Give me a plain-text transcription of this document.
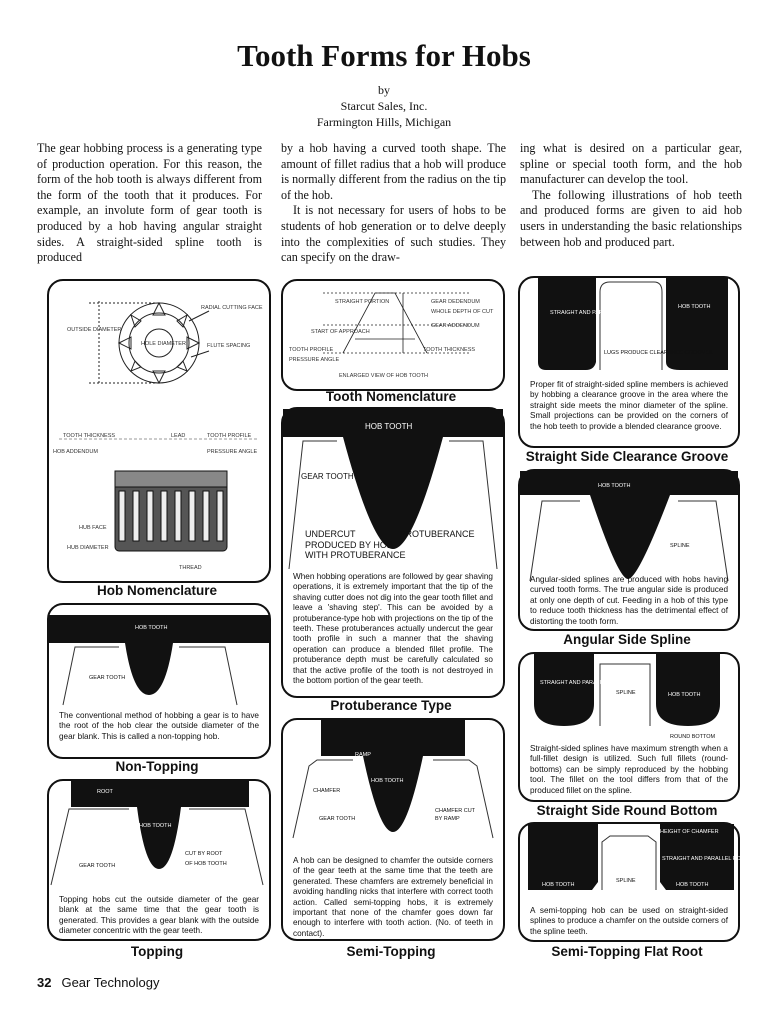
Tooth Forms for Hobs
by
Starcut Sales, Inc.
Farmington Hills, Michigan

The gear hobbing process is a generating type of production operation. For this reason, the form of the hob tooth is always different from the form of the tooth that it produces. For example, an involute form of gear tooth is produced by a hob having angular straight sides. A straight-sided spline tooth is produced

by a hob having a curved tooth shape. The amount of fillet radius that a hob will produce is normally different from the radius on the tip of the hob.

It is not necessary for users of hobs to be students of hob generation or to delve deeply into the complexities of such studies. They can specify on the draw-

ing what is desired on a particular gear, spline or special tooth form, and the hob manufacturer can develop the tool.

The following illustrations of hob teeth and produced forms are given to aid hob users in understanding the basic relationships between hob and produced part.

RADIAL CUTTING FACE
OUTSIDE DIAMETER
HOLE DIAMETER	FLUTE SPACING
TOOTH THICKNESS	LEAD	TOOTH PROFILE
HOB ADDENDUM	PRESSURE ANGLE
HUB FACE
HUB DIAMETER
THREAD
Hob Nomenclature
HOB TOOTH
GEAR TOOTH
The conventional method of hobbing a gear is to have the root of the hob clear the outside diameter of the gear blank. This is called a non-topping hob.
Non-Topping
ROOT
HOB TOOTH
GEAR TOOTH
CUT BY ROOT
OF HOB TOOTH
Topping hobs cut the outside diameter of the gear blank at the same time that the gear tooth is generated. This provides a gear blank with the outside diameter concentric with the gear teeth.
Topping
STRAIGHT PORTION	GEAR DEDENDUM
WHOLE DEPTH OF CUT
GEAR ADDENDUM
START OF APPROACH
TOOTH PROFILE
PRESSURE ANGLE
TOOTH THICKNESS
ENLARGED VIEW OF HOB TOOTH
Tooth Nomenclature
HOB TOOTH
GEAR TOOTH
UNDERCUT	PROTUBERANCE
PRODUCED BY HOB
WITH PROTUBERANCE
When hobbing operations are followed by gear shaving operations, it is extremely important that the tip of the shaving cutter does not dig into the gear tooth fillet and leave a 'shaving step'. This can be avoided by a protuberance-type hob with projections on the tip of the teeth. These protuberances actually undercut the gear tooth profile in such a manner that the shaving operation can produce a blended fillet profile. The protuberance depth must be carefully calculated so that the active profile of the tooth is not destroyed in the bottom portion of the gear teeth.
Protuberance Type
RAMP
CHAMFER
HOB TOOTH
GEAR TOOTH
CHAMFER CUT
BY RAMP
A hob can be designed to chamfer the outside corners of the gear teeth at the same time that the teeth are generated. These chamfers are extremely beneficial in avoiding handling nicks that interfere with correct tooth action. Called semi-topping hobs, it is extremely important that none of the chamfer goes down far enough to interfere with tooth action. (No. of teeth in contact).
Semi-Topping
STRAIGHT AND PARALLEL PORTION
HOB TOOTH
LUGS PRODUCE CLEARANCE GROOVES
Proper fit of straight-sided spline members is achieved by hobbing a clearance groove in the area where the straight side meets the minor diameter of the spline. Small projections can be provided on the corners of the hob teeth to provide a blended clearance groove.
Straight Side Clearance Groove
HOB TOOTH
SPLINE
Angular-sided splines are produced with hobs having curved tooth forms. The true angular side is produced at only one depth of cut. Feeding in a hob of this type to reduce tooth thickness has the detrimental effect of distorting the tooth form.
Angular Side Spline
STRAIGHT AND PARALLEL PORTION
SPLINE	HOB TOOTH
ROUND BOTTOM
Straight-sided splines have maximum strength when a full-fillet design is utilized. Such full fillets (round-bottoms) can be simply reproduced by the hobbing tool. The fillet on the tool differs from that of the produced fillet on the spline.
Straight Side Round Bottom
HEIGHT OF CHAMFER
STRAIGHT AND PARALLEL PORTION
SPLINE
HOB TOOTH	HOB TOOTH
A semi-topping hob can be used on straight-sided splines to produce a chamfer on the outside corners of the spline teeth.
Semi-Topping Flat Root
32 Gear Technology
